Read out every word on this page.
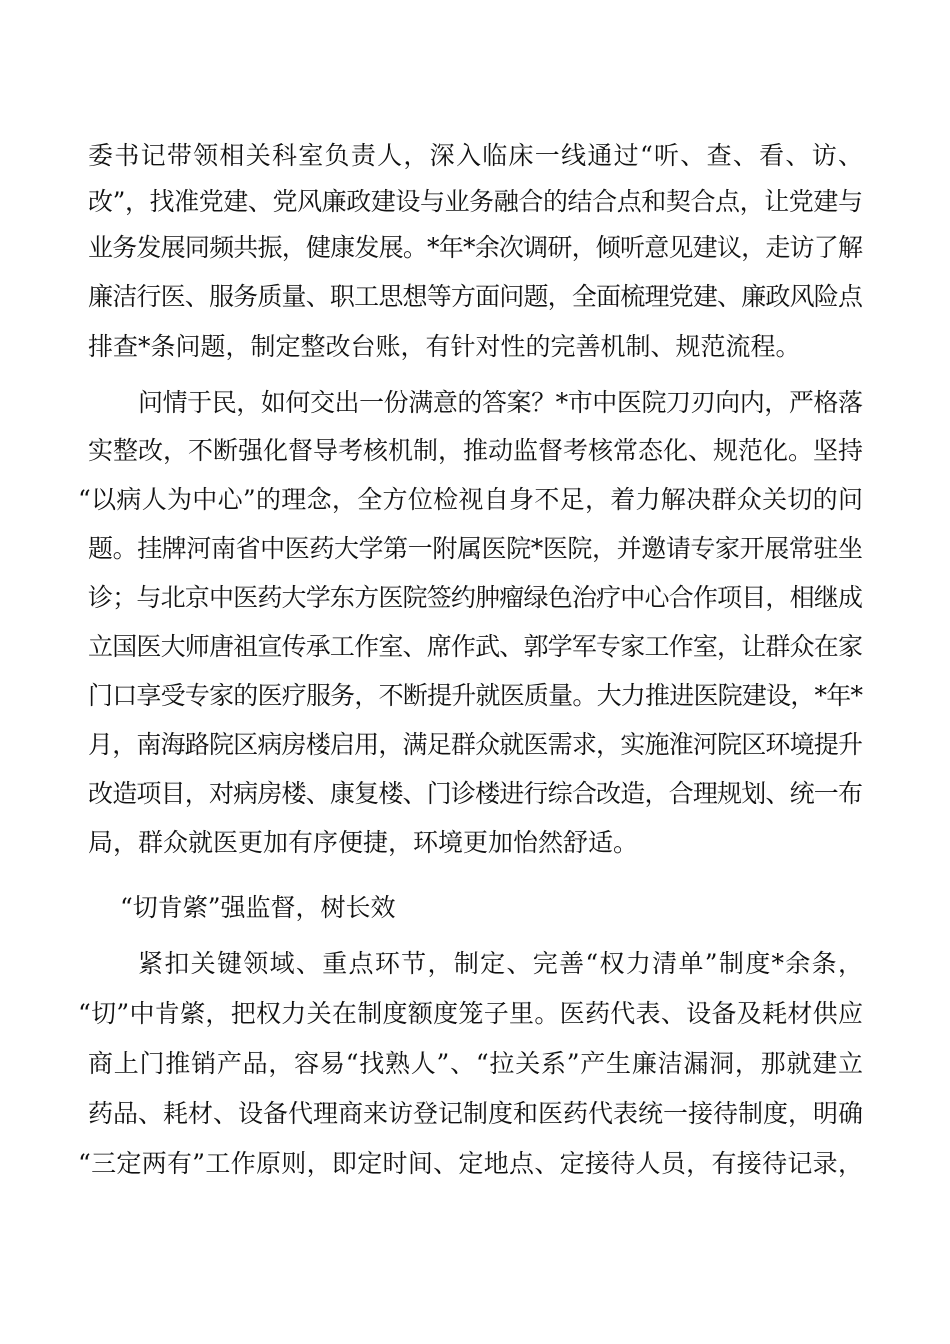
委书记带领相关科室负责人，深入临床一线通过“听、查、看、访、
改”，找准党建、党风廉政建设与业务融合的结合点和契合点，让党建与
业务发展同频共振，健康发展。*年*余次调研，倾听意见建议，走访了解
廉洁行医、服务质量、职工思想等方面问题，全面梳理党建、廉政风险点
排查*条问题，制定整改台账，有针对性的完善机制、规范流程。
问情于民，如何交出一份满意的答案？*市中医院刀刃向内，严格落
实整改，不断强化督导考核机制，推动监督考核常态化、规范化。坚持
“以病人为中心”的理念，全方位检视自身不足，着力解决群众关切的问
题。挂牌河南省中医药大学第一附属医院*医院，并邀请专家开展常驻坐
诊；与北京中医药大学东方医院签约肿瘤绿色治疗中心合作项目，相继成
立国医大师唐祖宣传承工作室、席作武、郭学军专家工作室，让群众在家
门口享受专家的医疗服务，不断提升就医质量。大力推进医院建设，*年*
月，南海路院区病房楼启用，满足群众就医需求，实施淮河院区环境提升
改造项目，对病房楼、康复楼、门诊楼进行综合改造，合理规划、统一布
局，群众就医更加有序便捷，环境更加怡然舒适。
“切肯綮”强监督，树长效
紧扣关键领域、重点环节，制定、完善“权力清单”制度*余条，
“切”中肯綮，把权力关在制度额度笼子里。医药代表、设备及耗材供应
商上门推销产品，容易“找熟人”、“拉关系”产生廉洁漏洞，那就建立
药品、耗材、设备代理商来访登记制度和医药代表统一接待制度，明确
“三定两有”工作原则，即定时间、定地点、定接待人员，有接待记录，
